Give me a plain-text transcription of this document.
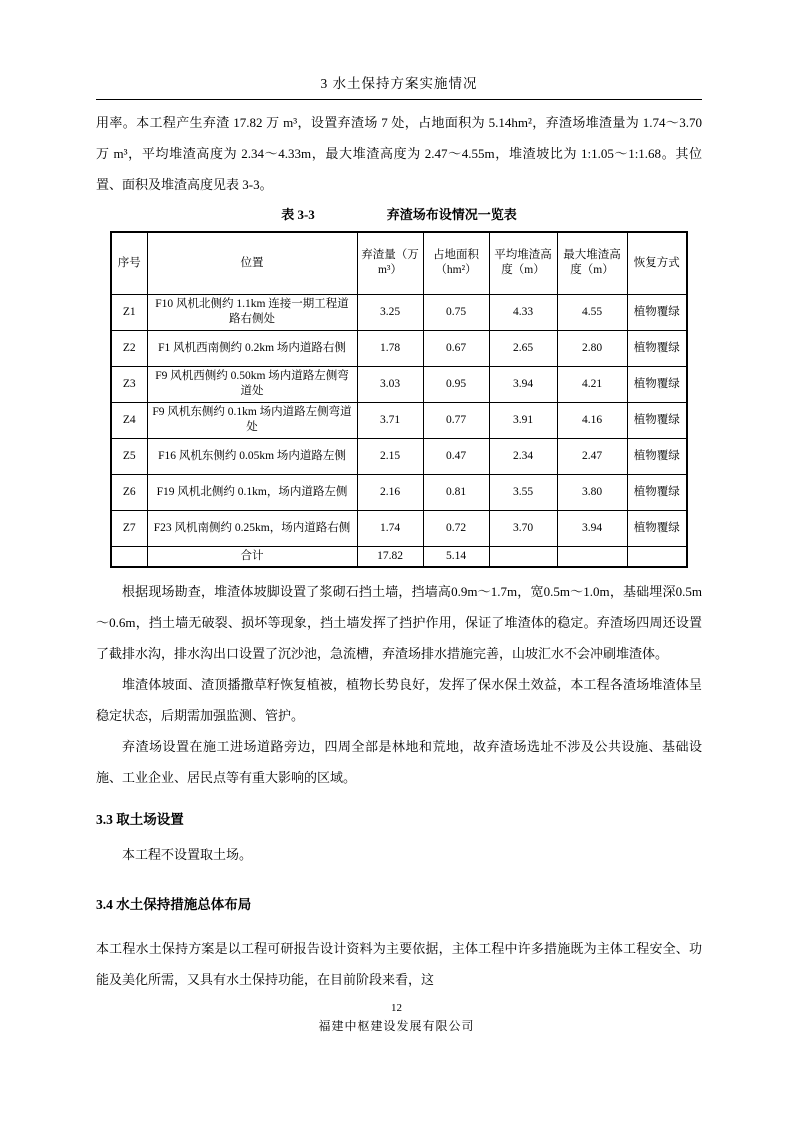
3 水土保持方案实施情况

用率。本工程产生弃渣 17.82 万 m³，设置弃渣场 7 处，占地面积为 5.14hm²，弃渣场堆渣量为 1.74～3.70 万 m³，平均堆渣高度为 2.34～4.33m，最大堆渣高度为 2.47～4.55m，堆渣坡比为 1:1.05～1:1.68。其位置、面积及堆渣高度见表 3-3。

表 3-3	弃渣场布设情况一览表
序号	位置	弃渣量（万m³）	占地面积（hm²）	平均堆渣高度（m）	最大堆渣高度（m）	恢复方式
Z1	F10 风机北侧约 1.1km 连接一期工程道路右侧处	3.25	0.75	4.33	4.55	植物覆绿
Z2	F1 风机西南侧约 0.2km 场内道路右侧	1.78	0.67	2.65	2.80	植物覆绿
Z3	F9 风机西侧约 0.50km 场内道路左侧弯道处	3.03	0.95	3.94	4.21	植物覆绿
Z4	F9 风机东侧约 0.1km 场内道路左侧弯道处	3.71	0.77	3.91	4.16	植物覆绿
Z5	F16 风机东侧约 0.05km 场内道路左侧	2.15	0.47	2.34	2.47	植物覆绿
Z6	F19 风机北侧约 0.1km，场内道路左侧	2.16	0.81	3.55	3.80	植物覆绿
Z7	F23 风机南侧约 0.25km，场内道路右侧	1.74	0.72	3.70	3.94	植物覆绿
	合计	17.82	5.14			

根据现场勘查，堆渣体坡脚设置了浆砌石挡土墙，挡墙高0.9m～1.7m，宽0.5m～1.0m，基础埋深0.5m～0.6m，挡土墙无破裂、损坏等现象，挡土墙发挥了挡护作用，保证了堆渣体的稳定。弃渣场四周还设置了截排水沟，排水沟出口设置了沉沙池，急流槽，弃渣场排水措施完善，山坡汇水不会冲刷堆渣体。

堆渣体坡面、渣顶播撒草籽恢复植被，植物长势良好，发挥了保水保土效益，本工程各渣场堆渣体呈稳定状态，后期需加强监测、管护。

弃渣场设置在施工进场道路旁边，四周全部是林地和荒地，故弃渣场选址不涉及公共设施、基础设施、工业企业、居民点等有重大影响的区域。

3.3 取土场设置

本工程不设置取土场。

3.4 水土保持措施总体布局

本工程水土保持方案是以工程可研报告设计资料为主要依据，主体工程中许多措施既为主体工程安全、功能及美化所需，又具有水土保持功能，在目前阶段来看，这

12
福建中枢建设发展有限公司
